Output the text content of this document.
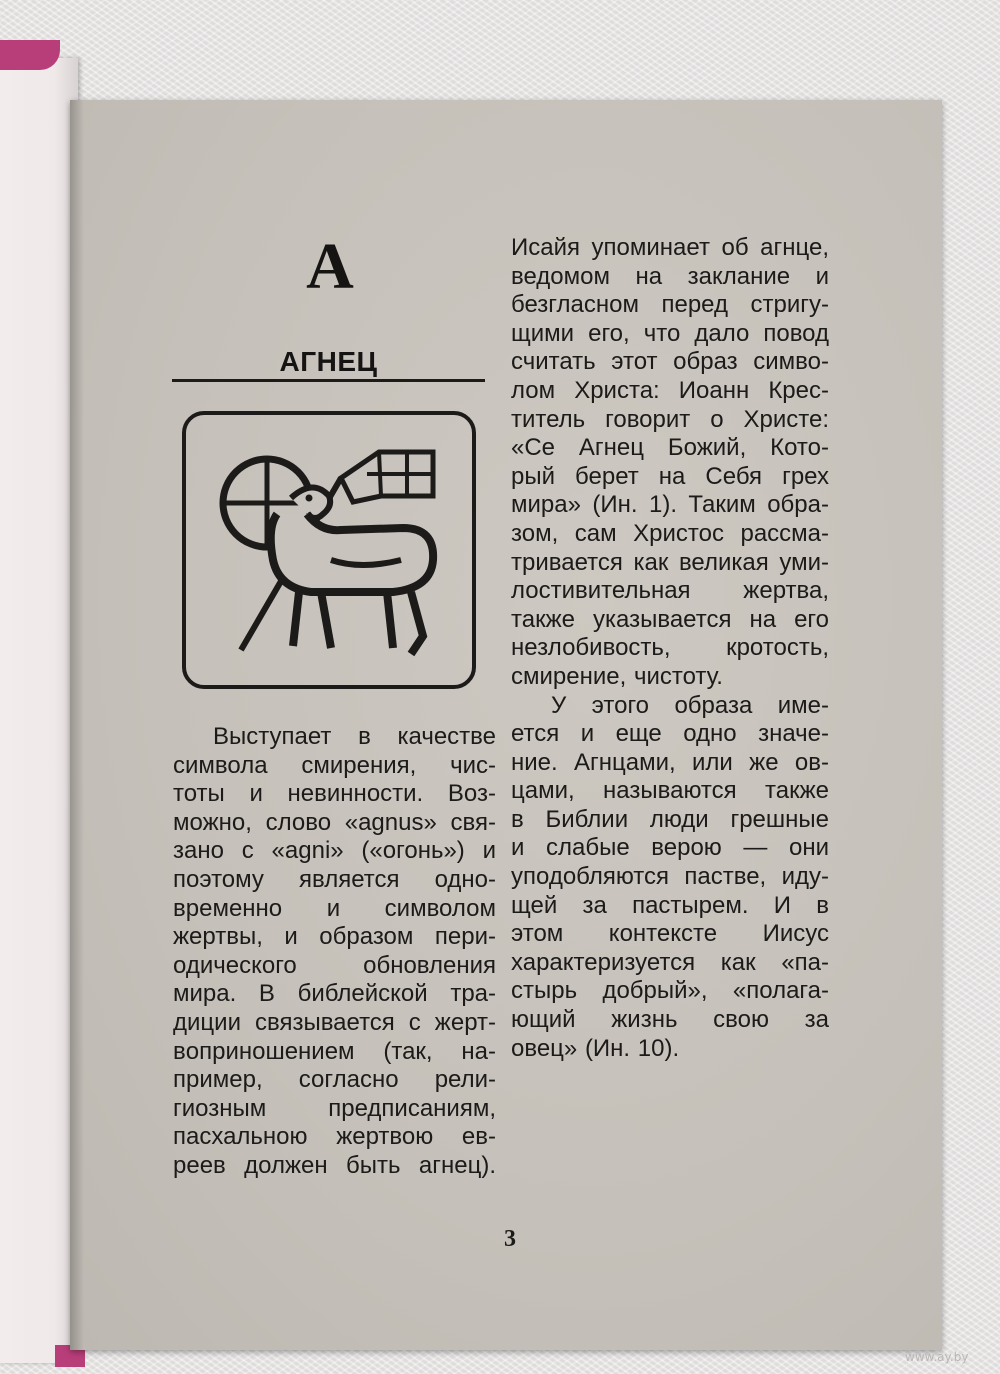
А
АГНЕЦ
Исайя упоминает об агнце,
ведомом на заклание и
безгласном перед стригу-
щими его, что дало повод
считать этот образ симво-
лом Христа: Иоанн Крес-
титель говорит о Христе:
«Се Агнец Божий, Кото-
рый берет на Себя грех
мира» (Ин. 1). Таким обра-
зом, сам Христос рассма-
тривается как великая уми-
лостивительная жертва,
также указывается на его
незлобивость, кротость,
смирение, чистоту.
У этого образа име-
ется и еще одно значе-
ние. Агнцами, или же ов-
цами, называются также
в Библии люди грешные
и слабые верою — они
уподобляются пастве, иду-
щей за пастырем. И в
этом контексте Иисус
характеризуется как «па-
стырь добрый», «полага-
ющий жизнь свою за
овец» (Ин. 10).
Выступает в качестве
символа смирения, чис-
тоты и невинности. Воз-
можно, слово «agnus» свя-
зано с «agni» («огонь») и
поэтому является одно-
временно и символом
жертвы, и образом пери-
одического обновления
мира. В библейской тра-
диции связывается с жерт-
вoприношением (так, на-
пример, согласно рели-
гиозным предписаниям,
пасхальною жертвою ев-
реев должен быть агнец).
3
www.ay.by
